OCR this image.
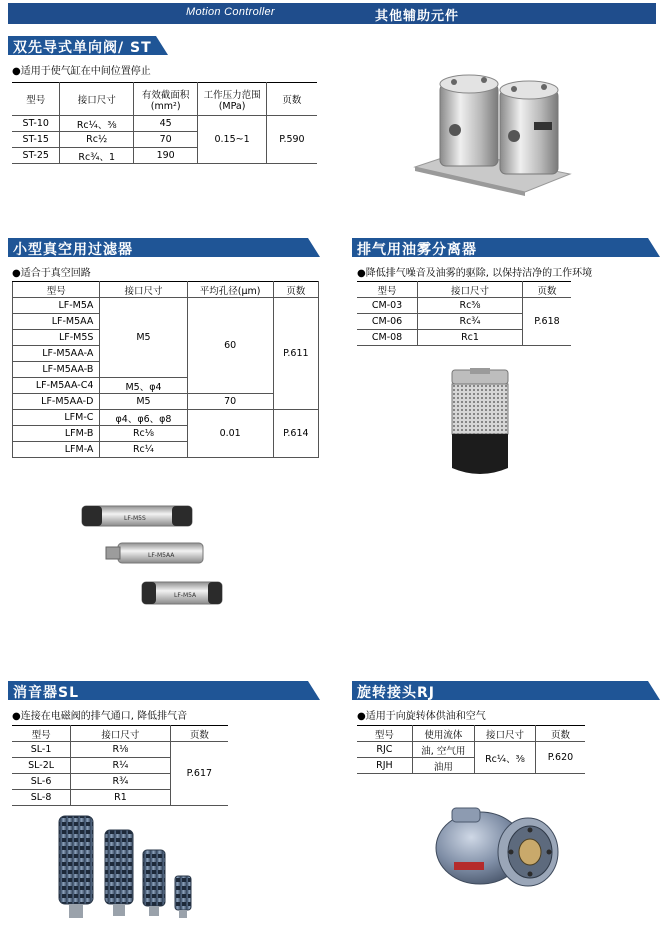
Motion Controller	其他辅助元件
双先导式单向阀/ ST
●适用于使气缸在中间位置停止
型号	接口尺寸	有效截面积 (mm²)	工作压力范围 (MPa)	页数
ST-10	Rc¼、⅜	45	0.15~1	P.590
ST-15	Rc½	70		
ST-25	Rc¾、1	190		
小型真空用过滤器
●适合于真空回路
型号	接口尺寸	平均孔径(μm)	页数
LF-M5A	M5	60	P.611
LF-M5AA			
LF-M5S			
LF-M5AA-A			
LF-M5AA-B			
LF-M5AA-C4	M5、φ4		
LF-M5AA-D	M5	70	
LFM-C	φ4、φ6、φ8	0.01	P.614
LFM-B	Rc⅛		
LFM-A	Rc¼		
LF-M5S
LF-M5AA
LF-M5A
排气用油雾分离器
●降低排气噪音及油雾的驱除, 以保持洁净的工作环境
型号	接口尺寸	页数
CM-03	Rc⅜	P.618
CM-06	Rc¾	
CM-08	Rc1	
消音器SL
●连接在电磁阀的排气通口, 降低排气音
型号	接口尺寸	页数
SL-1	R⅛	P.617
SL-2L	R¼	
SL-6	R¾	
SL-8	R1	
旋转接头RJ
●适用于向旋转体供油和空气
型号	使用流体	接口尺寸	页数
RJC	油, 空气用	Rc¼、⅜	P.620
RJH	油用		
